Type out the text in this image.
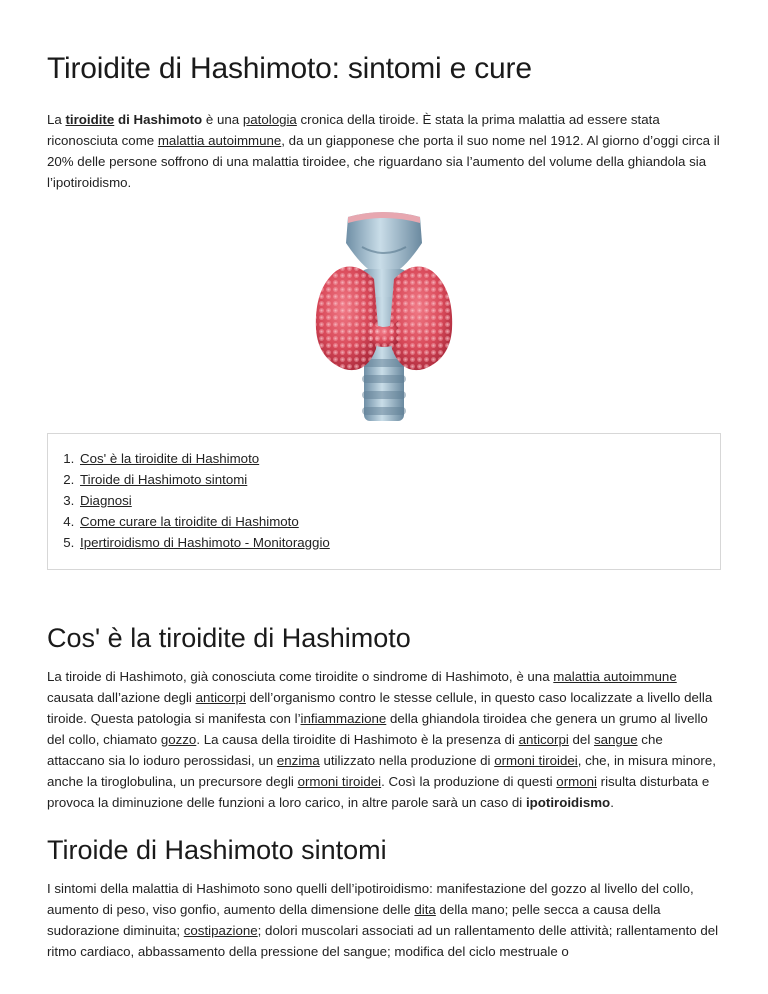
Tiroidite di Hashimoto: sintomi e cure

La tiroidite di Hashimoto è una patologia cronica della tiroide. È stata la prima malattia ad essere stata riconosciuta come malattia autoimmune, da un giapponese che porta il suo nome nel 1912. Al giorno d’oggi circa il 20% delle persone soffrono di una malattia tiroidee, che riguardano sia l’aumento del volume della ghiandola sia l’ipotiroidismo.

1. Cos' è la tiroidite di Hashimoto
2. Tiroide di Hashimoto sintomi
3. Diagnosi
4. Come curare la tiroidite di Hashimoto
5. Ipertiroidismo di Hashimoto - Monitoraggio
Cos' è la tiroidite di Hashimoto

La tiroide di Hashimoto, già conosciuta come tiroidite o sindrome di Hashimoto, è una malattia autoimmune causata dall’azione degli anticorpi dell’organismo contro le stesse cellule, in questo caso localizzate a livello della tiroide. Questa patologia si manifesta con l’infiammazione della ghiandola tiroidea che genera un grumo al livello del collo, chiamato gozzo. La causa della tiroidite di Hashimoto è la presenza di anticorpi del sangue che attaccano sia lo ioduro perossidasi, un enzima utilizzato nella produzione di ormoni tiroidei, che, in misura minore, anche la tiroglobulina, un precursore degli ormoni tiroidei. Così la produzione di questi ormoni risulta disturbata e provoca la diminuzione delle funzioni a loro carico, in altre parole sarà un caso di ipotiroidismo.

Tiroide di Hashimoto sintomi

I sintomi della malattia di Hashimoto sono quelli dell’ipotiroidismo: manifestazione del gozzo al livello del collo, aumento di peso, viso gonfio, aumento della dimensione delle dita della mano; pelle secca a causa della sudorazione diminuita; costipazione; dolori muscolari associati ad un rallentamento delle attività; rallentamento del ritmo cardiaco, abbassamento della pressione del sangue; modifica del ciclo mestruale o
